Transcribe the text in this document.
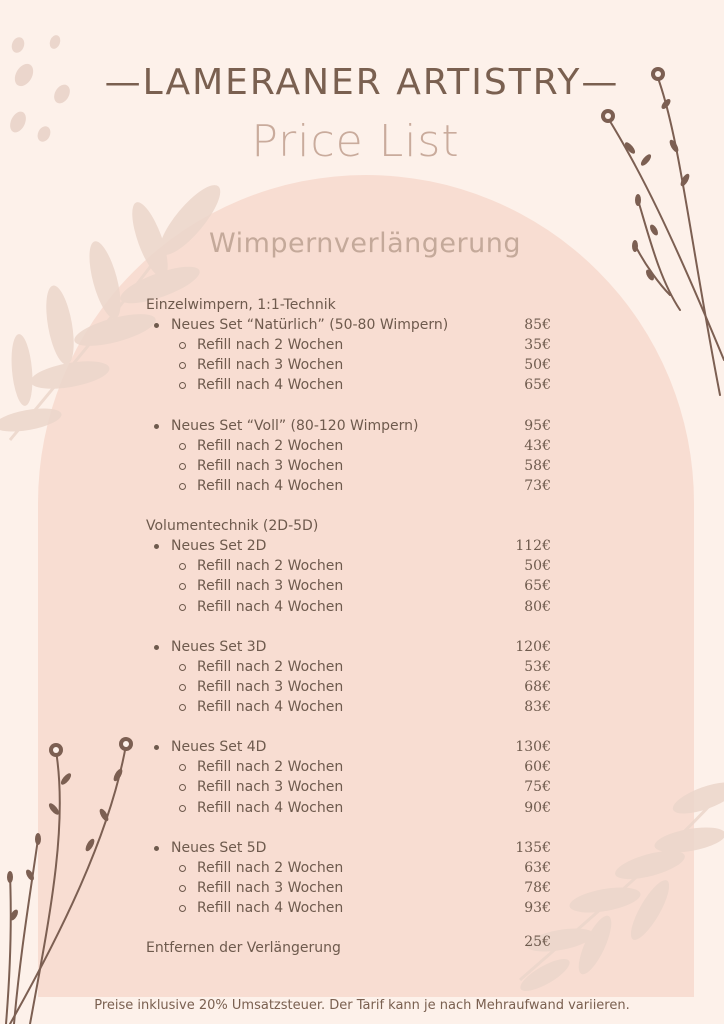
—LAMERANER ARTISTRY—
Price List
Wimpernverlängerung
Einzelwimpern, 1:1-Technik
Neues Set “Natürlich” (50-80 Wimpern)	85€
Refill nach 2 Wochen	35€
Refill nach 3 Wochen	50€
Refill nach 4 Wochen	65€
Neues Set “Voll” (80-120 Wimpern)	95€
Refill nach 2 Wochen	43€
Refill nach 3 Wochen	58€
Refill nach 4 Wochen	73€
Volumentechnik (2D-5D)
Neues Set 2D	112€
Refill nach 2 Wochen	50€
Refill nach 3 Wochen	65€
Refill nach 4 Wochen	80€
Neues Set 3D	120€
Refill nach 2 Wochen	53€
Refill nach 3 Wochen	68€
Refill nach 4 Wochen	83€
Neues Set 4D	130€
Refill nach 2 Wochen	60€
Refill nach 3 Wochen	75€
Refill nach 4 Wochen	90€
Neues Set 5D	135€
Refill nach 2 Wochen	63€
Refill nach 3 Wochen	78€
Refill nach 4 Wochen	93€
Entfernen der Verlängerung	25€
Preise inklusive 20% Umsatzsteuer. Der Tarif kann je nach Mehraufwand variieren.
